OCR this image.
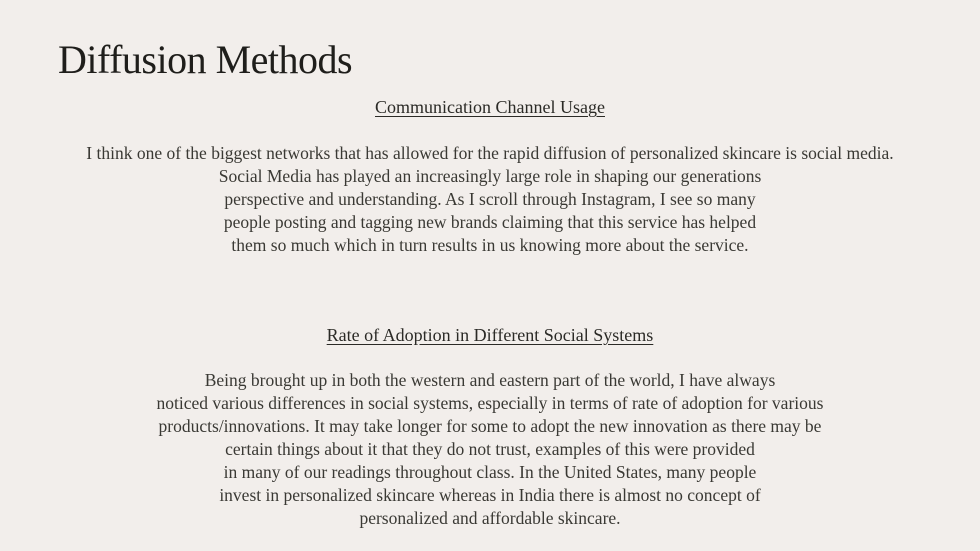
Diffusion Methods
Communication Channel Usage
I think one of the biggest networks that has allowed for the rapid diffusion of personalized skincare is social media.
Social Media has played an increasingly large role in shaping our generations
perspective and understanding. As I scroll through Instagram, I see so many
people posting and tagging new brands claiming that this service has helped
them so much which in turn results in us knowing more about the service.
Rate of Adoption in Different Social Systems
Being brought up in both the western and eastern part of the world, I have always
noticed various differences in social systems, especially in terms of rate of adoption for various
products/innovations. It may take longer for some to adopt the new innovation as there may be
certain things about it that they do not trust, examples of this were provided
in many of our readings throughout class. In the United States, many people
invest in personalized skincare whereas in India there is almost no concept of
personalized and affordable skincare.
